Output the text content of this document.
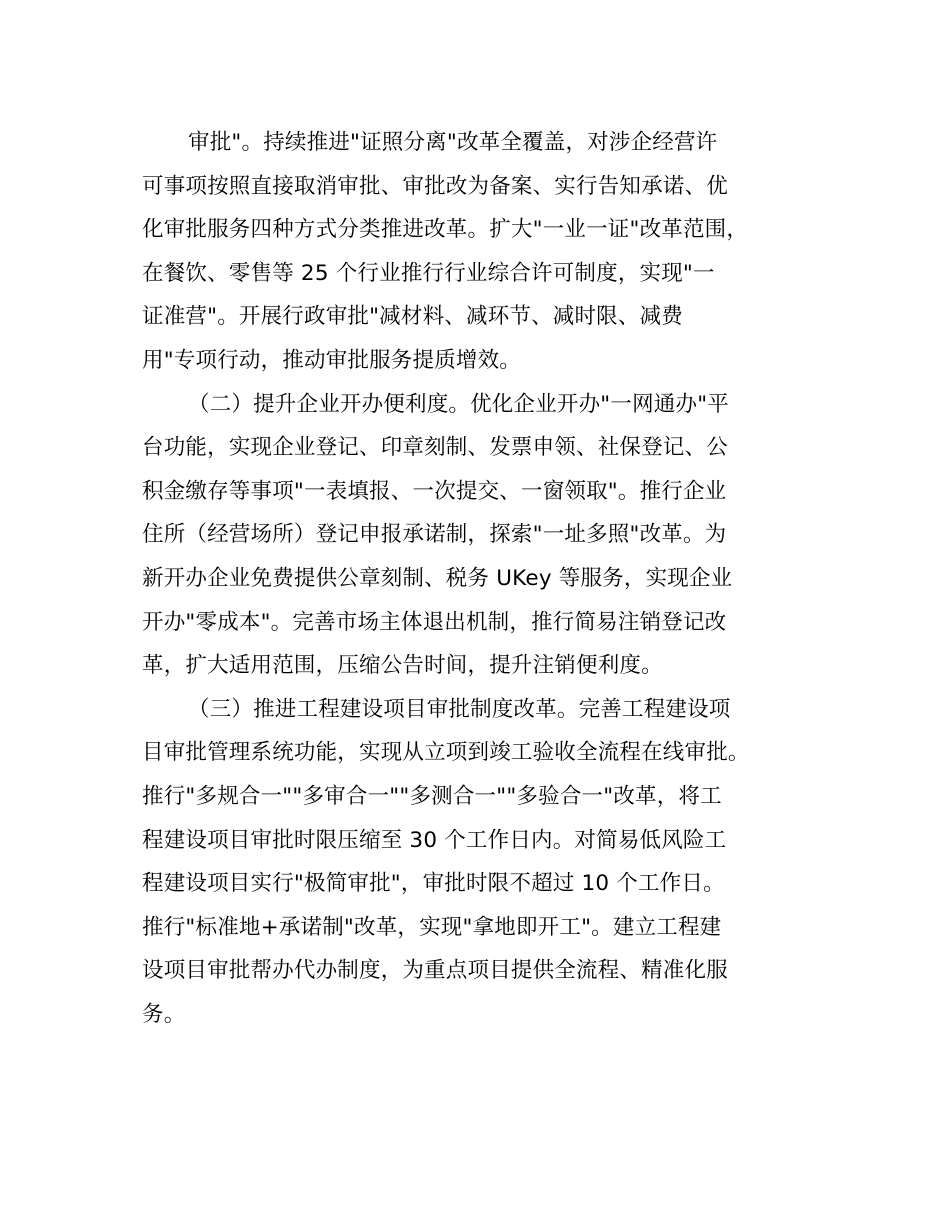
审批"。持续推进"证照分离"改革全覆盖，对涉企经营许
可事项按照直接取消审批、审批改为备案、实行告知承诺、优
化审批服务四种方式分类推进改革。扩大"一业一证"改革范围，
在餐饮、零售等 25 个行业推行行业综合许可制度，实现"一
证准营"。开展行政审批"减材料、减环节、减时限、减费
用"专项行动，推动审批服务提质增效。
（二）提升企业开办便利度。优化企业开办"一网通办"平
台功能，实现企业登记、印章刻制、发票申领、社保登记、公
积金缴存等事项"一表填报、一次提交、一窗领取"。推行企业
住所（经营场所）登记申报承诺制，探索"一址多照"改革。为
新开办企业免费提供公章刻制、税务 UKey 等服务，实现企业
开办"零成本"。完善市场主体退出机制，推行简易注销登记改
革，扩大适用范围，压缩公告时间，提升注销便利度。
（三）推进工程建设项目审批制度改革。完善工程建设项
目审批管理系统功能，实现从立项到竣工验收全流程在线审批。
推行"多规合一""多审合一""多测合一""多验合一"改革，将工
程建设项目审批时限压缩至 30 个工作日内。对简易低风险工
程建设项目实行"极简审批"，审批时限不超过 10 个工作日。
推行"标准地+承诺制"改革，实现"拿地即开工"。建立工程建
设项目审批帮办代办制度，为重点项目提供全流程、精准化服
务。
